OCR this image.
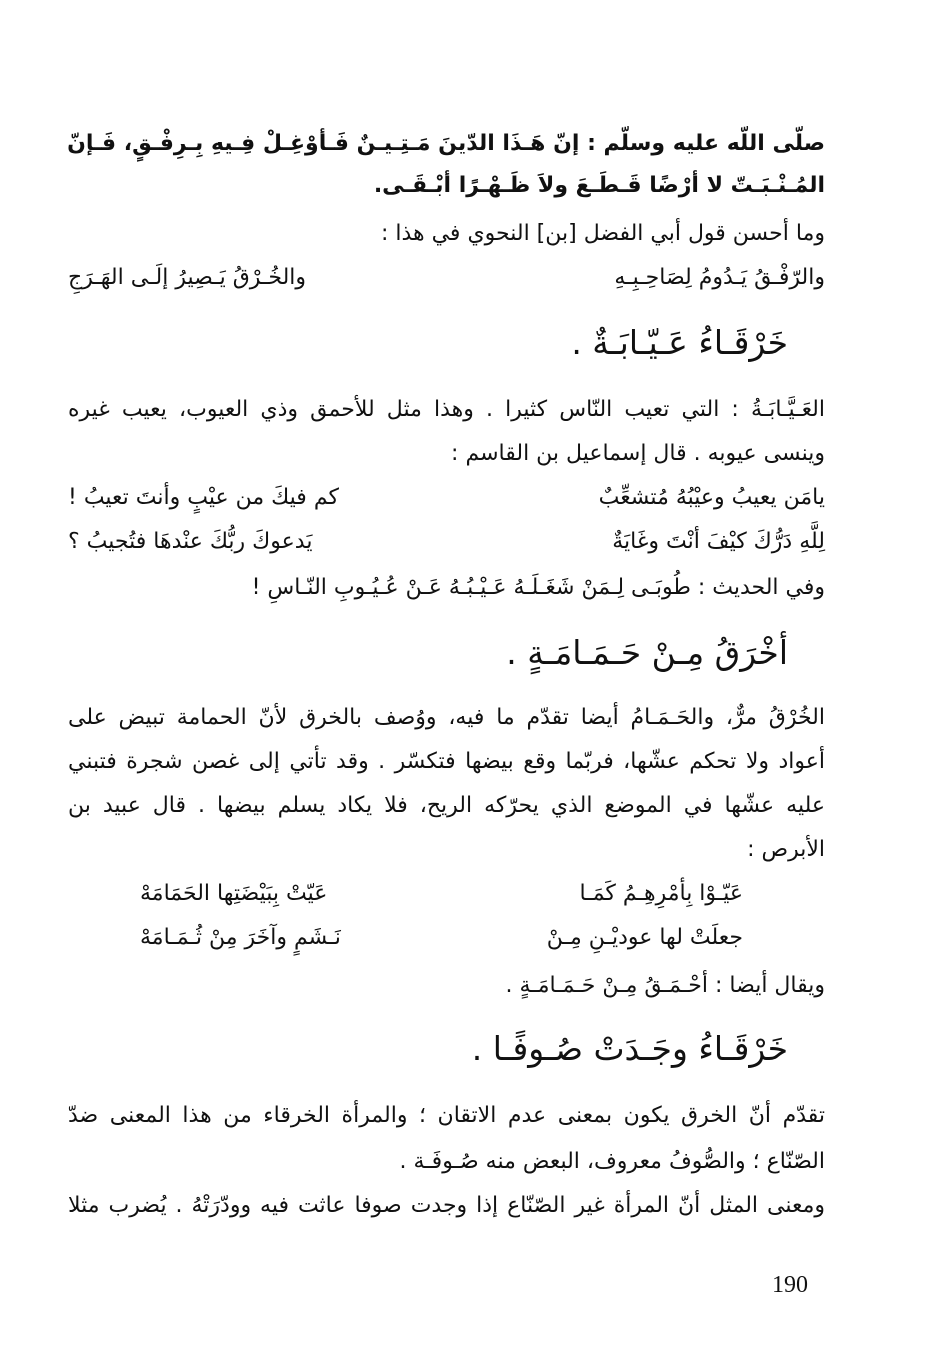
صلّى اللّه عليه وسلّم : إنّ هَـذَا الدّينَ مَـتِـيـنٌ فَـأوْغِـلْ فِـيهِ بِـرِفْـقٍ، فَـإنّ
المُـنْـبَـتّ لا أرْضًا قَـطَـعَ ولاَ ظَـهْـرًا أبْـقَـى.
وما أحسن قول أبي الفضل [بن] النحوي في هذا :
والرّفْـقُ يَـدُومُ لِصَاحِـبِـهِ
والخُـرْقُ يَـصِيرُ إلَـى الهَـرَجِ
خَرْقَـاءُ عَـيّـابَـةٌ .
العَـيَّـابَـةُ : التي تعيب النّاس كثيرا . وهذا مثل للأحمق وذي العيوب، يعيب غيره
وينسى عيوبه . قال إسماعيل بن القاسم :
يامَن يعيبُ وعيْبُهُ مُتشعِّبٌ
كم فيكَ من عيْبٍ وأنتَ تعيبُ !
لِلَّهِ دَرُّكَ كيْفَ أنْتَ وغَايَةٌ
يَدعوكَ ربُّكَ عنْدهَا فتُجيبُ ؟
وفي الحديث : طُوبَـى لِـمَنْ شَغَـلَـهُ عَـيْـبُـهُ عَـنْ عُـيُـوبِ النّـاسِ !
أخْرَقُ مِـنْ حَـمَـامَـةٍ .
الخُرْقُ مرٌّ، والحَـمَـامُ أيضا تقدّم ما فيه، ووُصف بالخرق لأنّ الحمامة تبيض على
أعواد ولا تحكم عشّها، فربّما وقع بيضها فتكسّر . وقد تأتي إلى غصن شجرة فتبني
عليه عشّها في الموضع الذي يحرّكه الريح، فلا يكاد يسلم بيضها . قال عبيد بن
الأبرص :
عَيّـوْا بِأمْرِهِـمُ كَمَـا
عَيّتْ بِبَيْضَتِها الحَمَامَهْ
جعلَتْ لها عوديْـنِ مِـنْ
نَـشَمٍ وآخَرَ مِنْ ثُـمَـامَهْ
ويقال أيضا : أحْـمَـقُ مِـنْ حَـمَـامَـةٍ .
خَرْقَـاءُ وجَـدَتْ صُـوفًـا .
تقدّم أنّ الخرق يكون بمعنى عدم الاتقان ؛ والمرأة الخرقاء من هذا المعنى ضدّ
الصّنّاع ؛ والصُّوفُ معروف، البعض منه صُـوفَـة .
ومعنى المثل أنّ المرأة غير الصّنّاع إذا وجدت صوفا عاثت فيه وودّرَتْهُ . يُضرب مثلا
190
